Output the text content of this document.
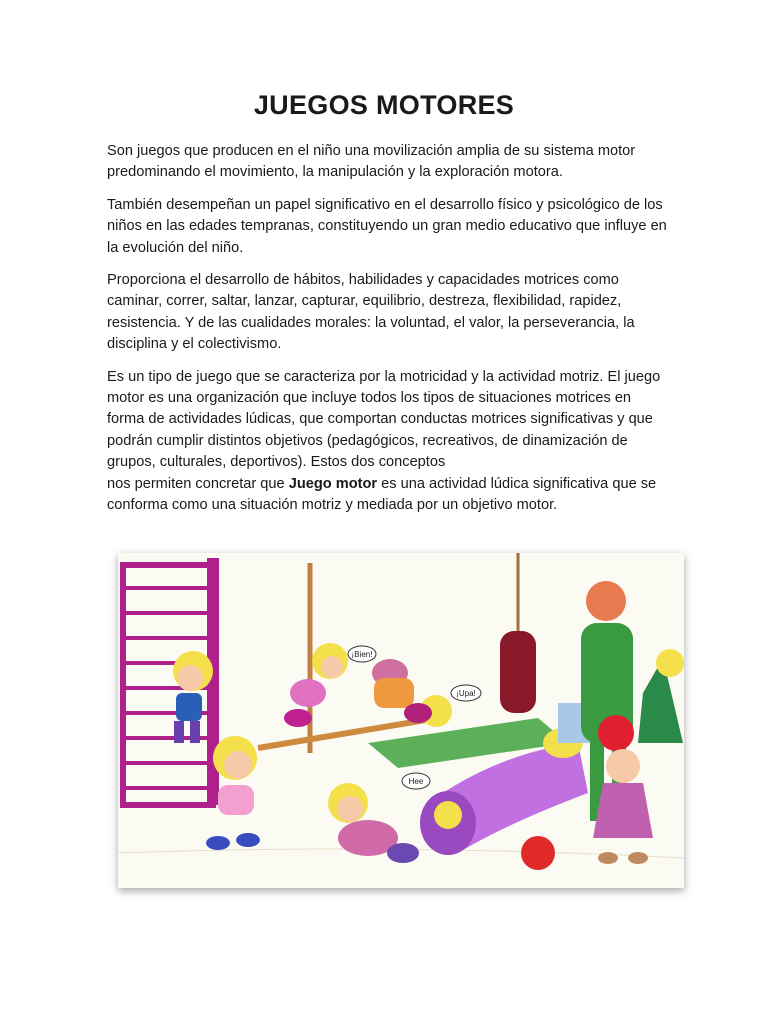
JUEGOS MOTORES

Son juegos que producen en el niño una movilización amplia de su sistema motor predominando el movimiento, la manipulación y la exploración motora.

También desempeñan un papel significativo en el desarrollo físico y psicológico de los niños en las edades tempranas, constituyendo un gran medio educativo que influye en la evolución del niño.

Proporciona el desarrollo de hábitos, habilidades y capacidades motrices como caminar, correr, saltar, lanzar, capturar, equilibrio, destreza, flexibilidad, rapidez, resistencia. Y de las cualidades morales: la voluntad, el valor, la perseverancia, la disciplina y el colectivismo.

Es un tipo de juego que se caracteriza por la motricidad y la actividad motriz. El juego motor es una organización que incluye todos los tipos de situaciones motrices en forma de actividades lúdicas, que comportan conductas motrices significativas y que podrán cumplir distintos objetivos (pedagógicos, recreativos, de dinamización de grupos, culturales, deportivos). Estos dos conceptos
nos permiten concretar que Juego motor es una actividad lúdica significativa que se conforma como una situación motriz y mediada por un objetivo motor.

¡Bien!
¡Upa!
Hee
